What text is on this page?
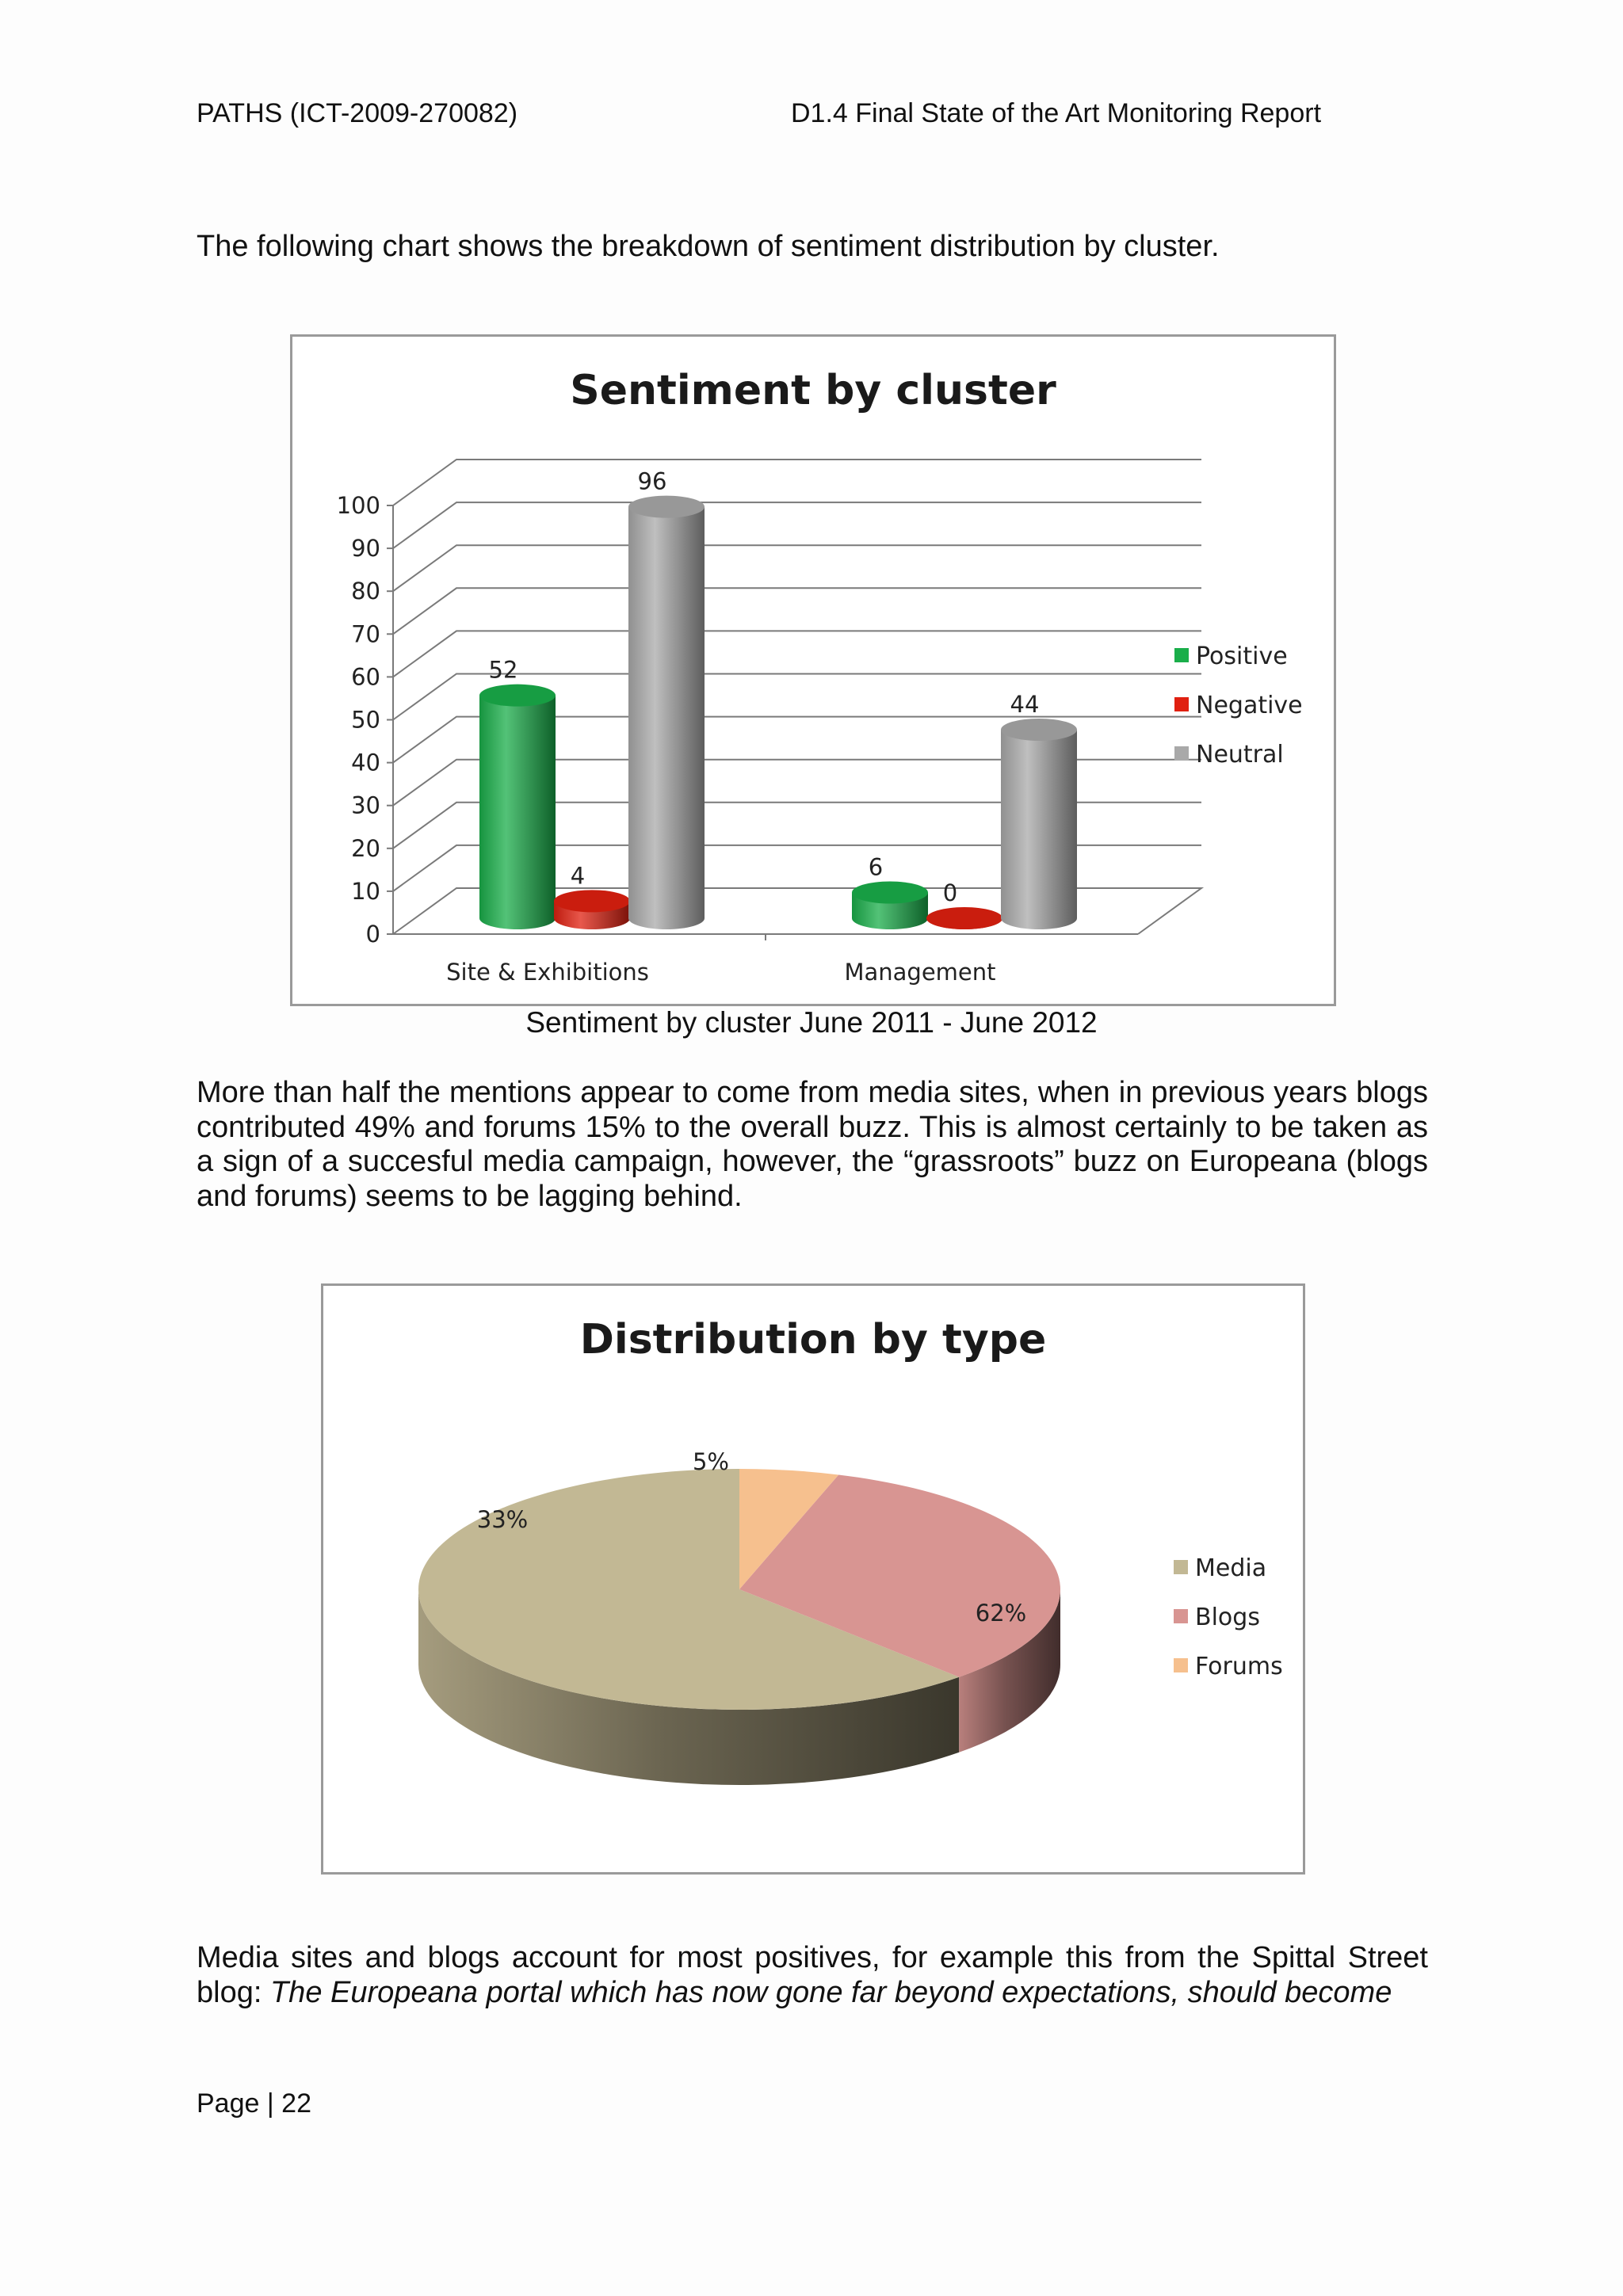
PATHS (ICT-2009-270082)	D1.4 Final State of the Art Monitoring Report

The following chart shows the breakdown of sentiment distribution by cluster.

Sentiment by cluster
0
10
20
30
40
50
60
70
80
90
100
Site & Exhibitions	Management
52
4
96
6
0
44
Positive
Negative
Neutral
Sentiment by cluster June 2011 - June 2012

More than half the mentions appear to come from media sites, when in previous years blogs contributed 49% and forums 15% to the overall buzz. This is almost certainly to be taken as a sign of a succesful media campaign, however, the “grassroots” buzz on Europeana (blogs and forums) seems to be lagging behind.

Distribution by type
62%
33%
5%
Media
Blogs
Forums

Media sites and blogs account for most positives, for example this from the Spittal Street blog: The Europeana portal which has now gone far beyond expectations, should become

Page | 22
